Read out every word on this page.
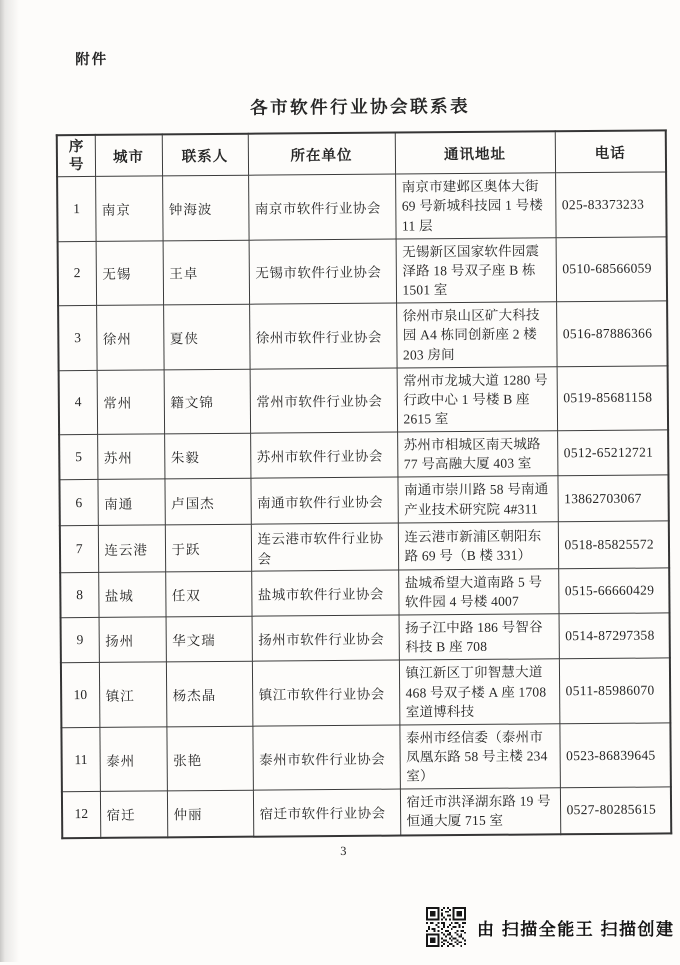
附件
各市软件行业协会联系表
序号	城市	联系人	所在单位	通讯地址	电话
1	南京	钟海波	南京市软件行业协会	南京市建邺区奥体大街 69 号新城科技园 1 号楼 11 层	025-83373233
2	无锡	王卓	无锡市软件行业协会	无锡新区国家软件园震泽路 18 号双子座 B 栋 1501 室	0510-68566059
3	徐州	夏侠	徐州市软件行业协会	徐州市泉山区矿大科技园 A4 栋同创新座 2 楼 203 房间	0516-87886366
4	常州	籍文锦	常州市软件行业协会	常州市龙城大道 1280 号行政中心 1 号楼 B 座 2615 室	0519-85681158
5	苏州	朱毅	苏州市软件行业协会	苏州市相城区南天城路 77 号高融大厦 403 室	0512-65212721
6	南通	卢国杰	南通市软件行业协会	南通市崇川路 58 号南通产业技术研究院 4#311	13862703067
7	连云港	于跃	连云港市软件行业协会	连云港市新浦区朝阳东路 69 号（B 楼 331）	0518-85825572
8	盐城	任双	盐城市软件行业协会	盐城希望大道南路 5 号软件园 4 号楼 4007	0515-66660429
9	扬州	华文瑞	扬州市软件行业协会	扬子江中路 186 号智谷科技 B 座 708	0514-87297358
10	镇江	杨杰晶	镇江市软件行业协会	镇江新区丁卯智慧大道 468 号双子楼 A 座 1708 室道博科技	0511-85986070
11	泰州	张艳	泰州市软件行业协会	泰州市经信委（泰州市凤凰东路 58 号主楼 234 室）	0523-86839645
12	宿迁	仲丽	宿迁市软件行业协会	宿迁市洪泽湖东路 19 号恒通大厦 715 室	0527-80285615
3
由 扫描全能王 扫描创建
